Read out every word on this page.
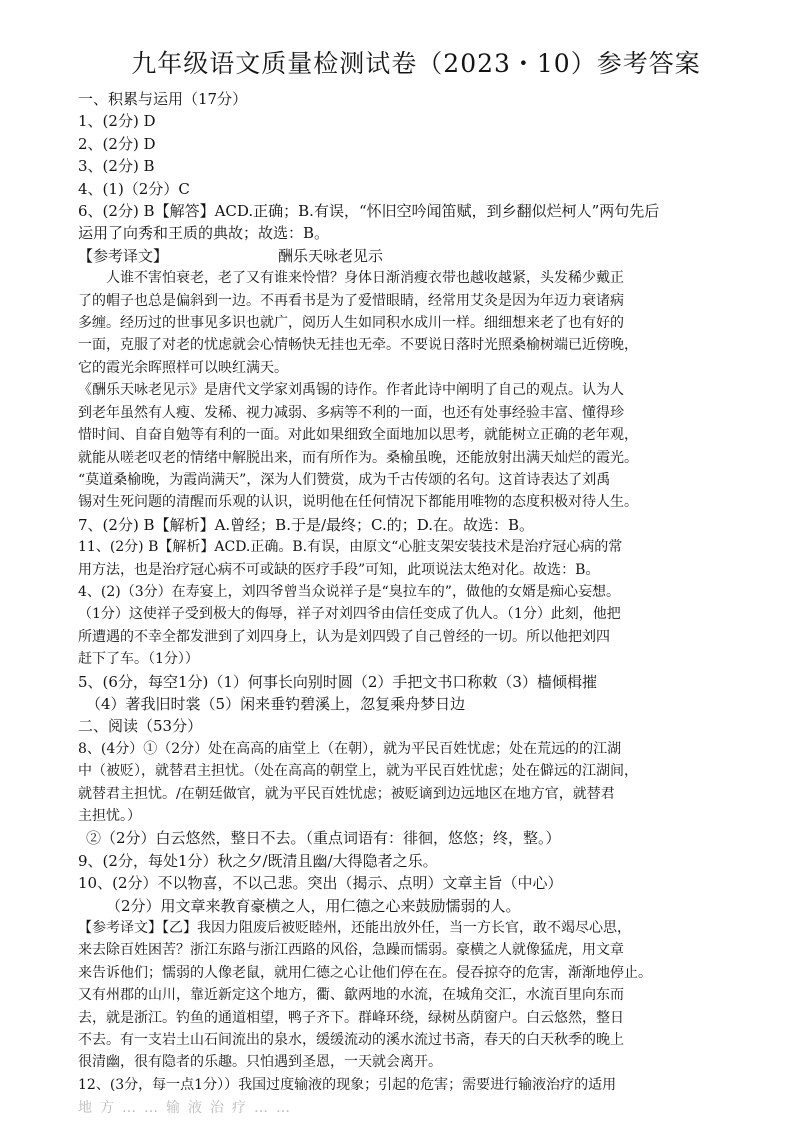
九年级语文质量检测试卷（2023・10）参考答案

一、积累与运用（17分）

1、(2分) D

2、(2分) D

3、(2分) B

4、(1)（2分）C

6、(2分) B【解答】ACD.正确；B.有误，“怀旧空吟闻笛赋，到乡翻似烂柯人”两句先后

运用了向秀和王质的典故；故选：B。

【参考译文】	酬乐天咏老见示

人谁不害怕衰老，老了又有谁来怜惜？身体日渐消瘦衣带也越收越紧，头发稀少戴正

了的帽子也总是偏斜到一边。不再看书是为了爱惜眼睛，经常用艾灸是因为年迈力衰诸病

多缠。经历过的世事见多识也就广，阅历人生如同积水成川一样。细细想来老了也有好的

一面，克服了对老的忧虑就会心情畅快无挂也无牵。不要说日落时光照桑榆树端已近傍晚，

它的霞光余晖照样可以映红满天。

《酬乐天咏老见示》是唐代文学家刘禹锡的诗作。作者此诗中阐明了自己的观点。认为人

到老年虽然有人瘦、发稀、视力减弱、多病等不利的一面，也还有处事经验丰富、懂得珍

惜时间、自奋自勉等有利的一面。对此如果细致全面地加以思考，就能树立正确的老年观，

就能从嗟老叹老的情绪中解脱出来，而有所作为。桑榆虽晚，还能放射出满天灿烂的霞光。

“莫道桑榆晚，为霞尚满天”，深为人们赞赏，成为千古传颂的名句。这首诗表达了刘禹

锡对生死问题的清醒而乐观的认识，说明他在任何情况下都能用唯物的态度积极对待人生。

7、(2分) B【解析】A.曾经；B.于是/最终；C.的；D.在。故选：B。

11、(2分) B【解析】ACD.正确。B.有误，由原文“心脏支架安装技术是治疗冠心病的常

用方法，也是治疗冠心病不可或缺的医疗手段”可知，此项说法太绝对化。故选：B。

4、(2)（3分）在寿宴上，刘四爷曾当众说祥子是“臭拉车的”，做他的女婿是痴心妄想。

（1分）这使祥子受到极大的侮辱，祥子对刘四爷由信任变成了仇人。（1分）此刻，他把

所遭遇的不幸全都发泄到了刘四身上，认为是刘四毁了自己曾经的一切。所以他把刘四

赶下了车。（1分））

5、(6分，每空1分)（1）何事长向别时圆（2）手把文书口称敕（3）樯倾楫摧

（4）著我旧时裳（5）闲来垂钓碧溪上，忽复乘舟梦日边

二、阅读（53分）

8、(4分）①（2分）处在高高的庙堂上（在朝），就为平民百姓忧虑；处在荒远的的江湖

中（被贬），就替君主担忧。（处在高高的朝堂上，就为平民百姓忧虑；处在僻远的江湖间，

就替君主担忧。/在朝廷做官，就为平民百姓忧虑；被贬谪到边远地区在地方官，就替君

主担忧。）

②（2分）白云悠然，整日不去。（重点词语有：徘徊，悠悠；终，整。）

9、(2分，每处1分）秋之夕/既清且幽/大得隐者之乐。

10、(2分）不以物喜，不以己悲。突出（揭示、点明）文章主旨（中心）

（2分）用文章来教育豪横之人，用仁德之心来鼓励懦弱的人。

【参考译文】【乙】我因力阻废后被贬睦州，还能出放外任，当一方长官，敢不竭尽心思，

来去除百姓困苦？浙江东路与浙江西路的风俗，急躁而懦弱。豪横之人就像猛虎，用文章

来告诉他们；懦弱的人像老鼠，就用仁德之心让他们停在在。侵吞掠夺的危害，渐渐地停止。

又有州郡的山川，靠近新定这个地方，衢、歙两地的水流，在城角交汇，水流百里向东而

去，就是浙江。钓鱼的通道相望，鸭子齐下。群峰环绕，绿树丛荫窗户。白云悠然，整日

不去。有一支岩土山石间流出的泉水，缓缓流动的溪水流过书斋，春天的白天秋季的晚上

很清幽，很有隐者的乐趣。只怕遇到圣恩，一天就会离开。

12、(3分，每一点1分））我国过度输液的现象；引起的危害；需要进行输液治疗的适用

地方……输液治疗……
